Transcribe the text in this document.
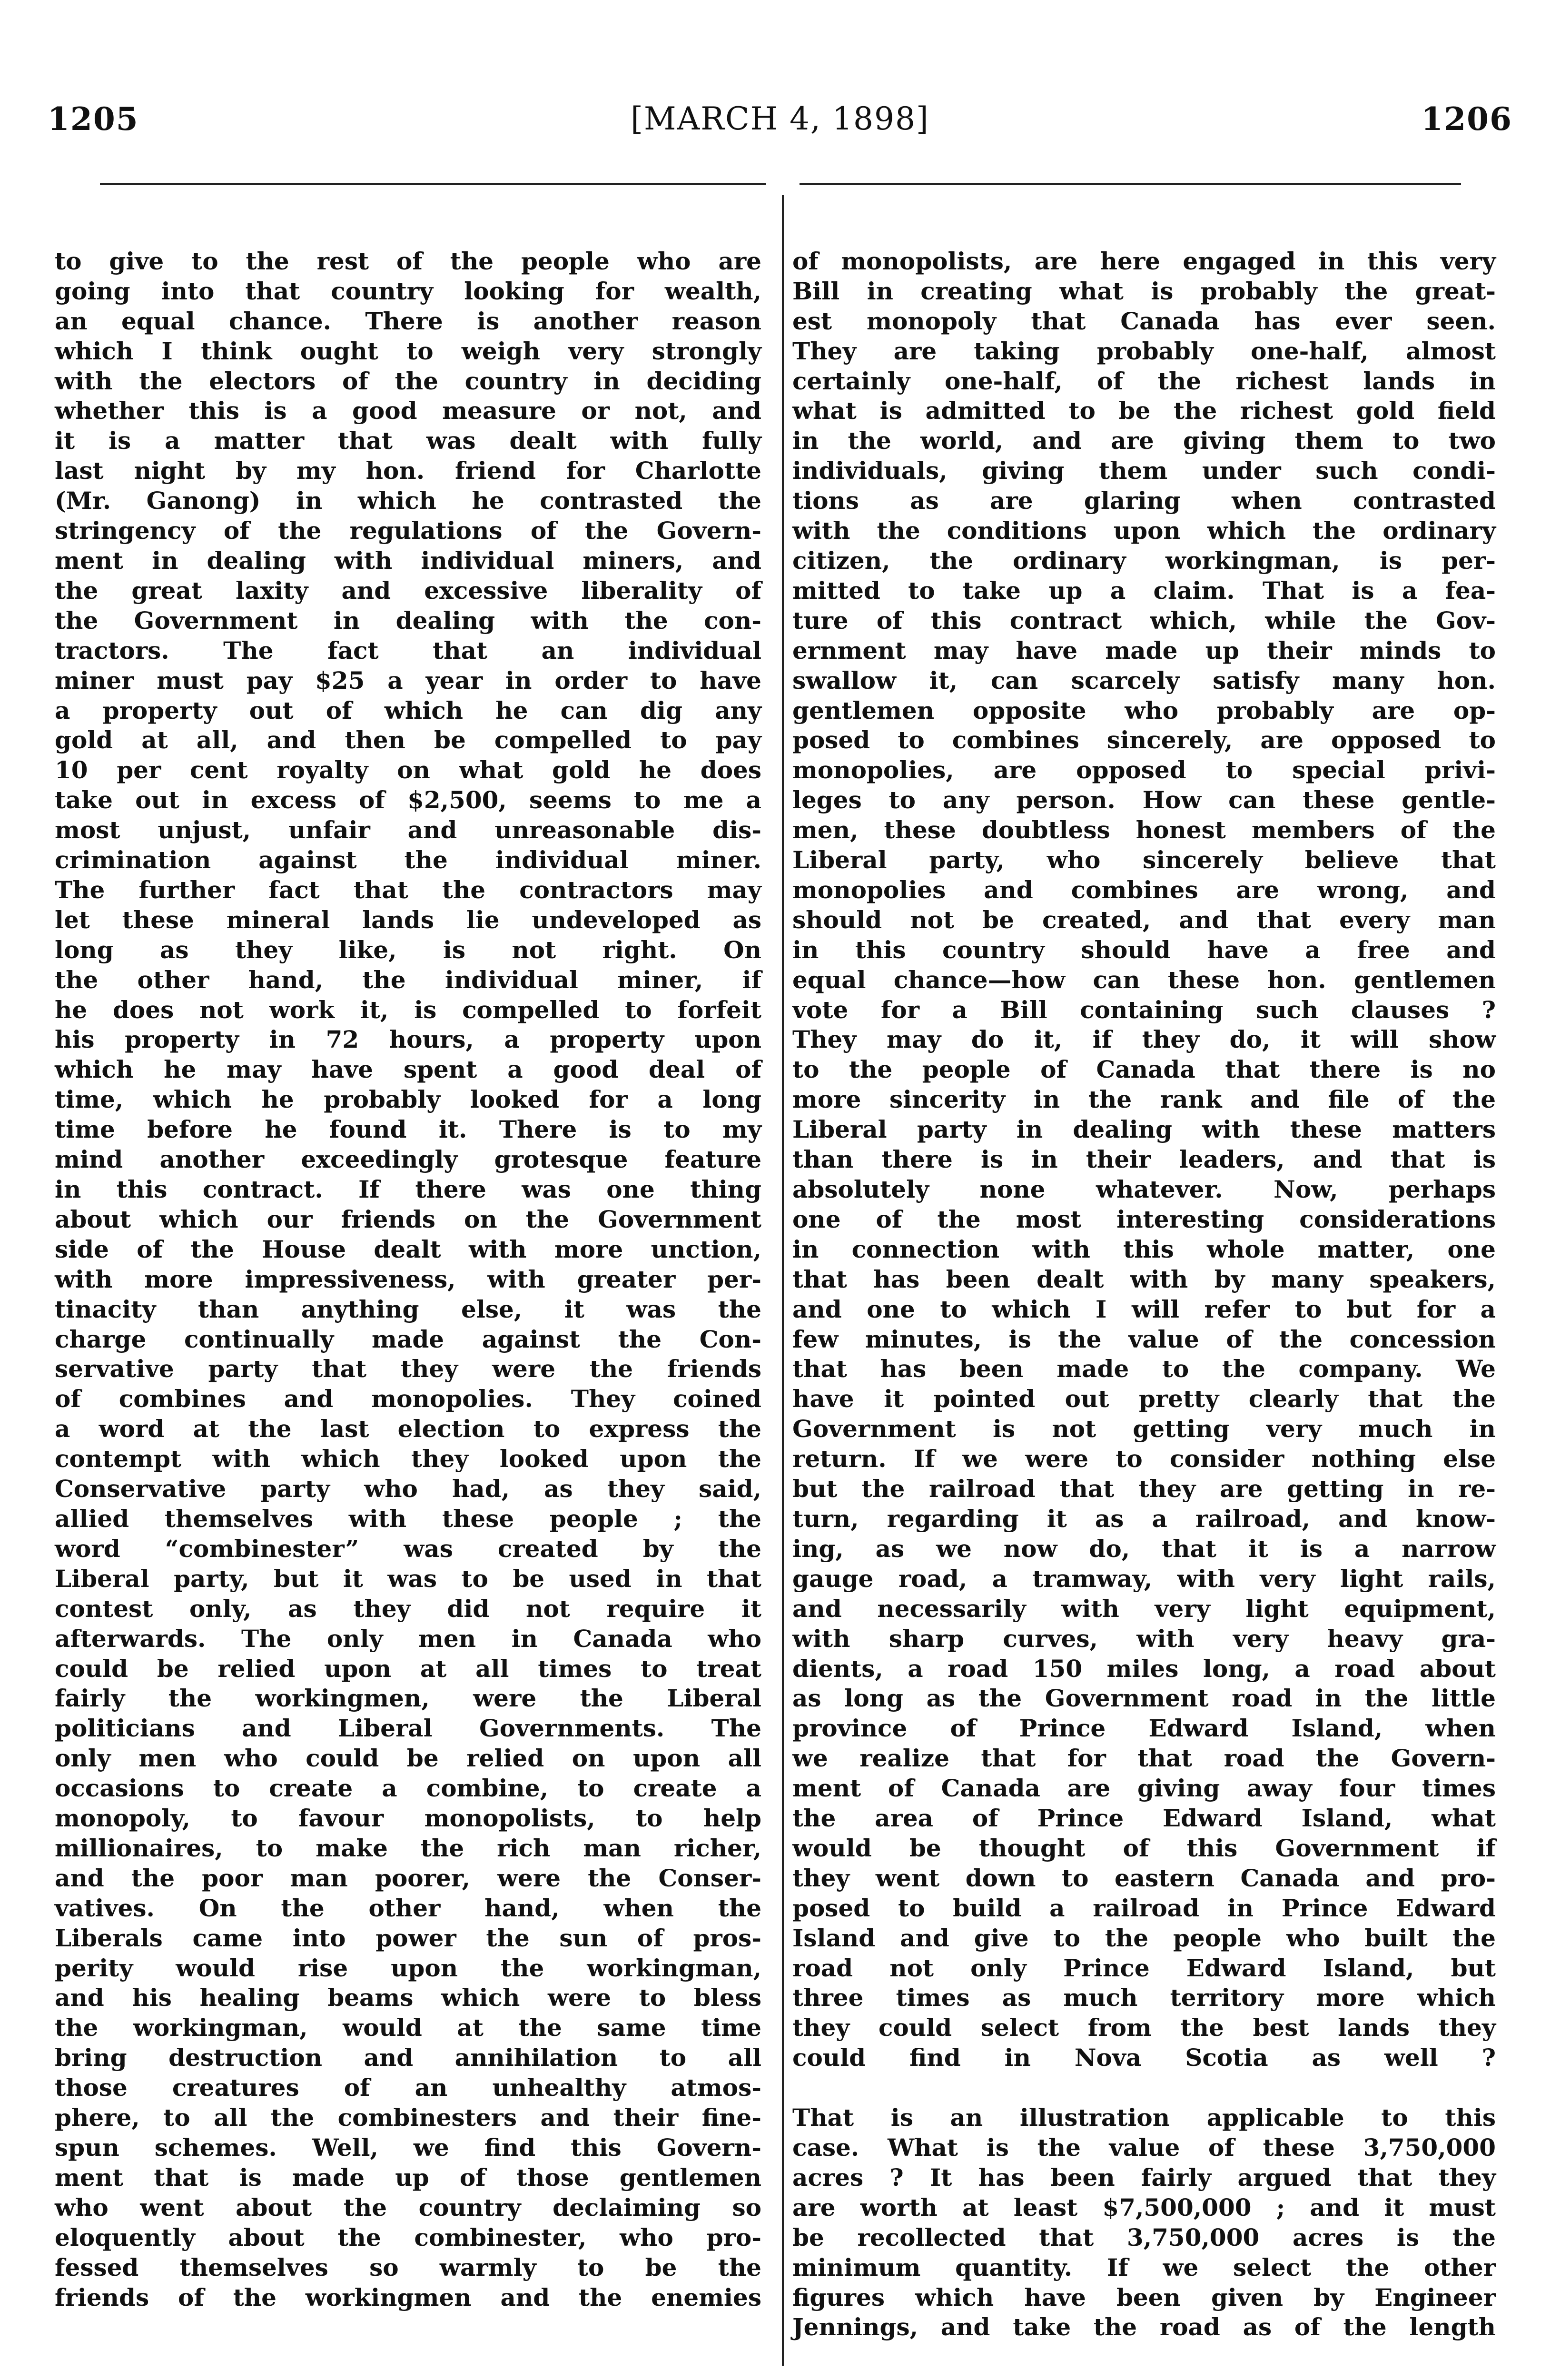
[MARCH 4, 1898]
1205	1206

to give to the rest of the people who are
going into that country looking for wealth,
an equal chance. There is another reason
which I think ought to weigh very strongly
with the electors of the country in deciding
whether this is a good measure or not, and
it is a matter that was dealt with fully
last night by my hon. friend for Charlotte
(Mr. Ganong) in which he contrasted the
stringency of the regulations of the Govern-
ment in dealing with individual miners, and
the great laxity and excessive liberality of
the Government in dealing with the con-
tractors. The fact that an individual
miner must pay $25 a year in order to have
a property out of which he can dig any
gold at all, and then be compelled to pay
10 per cent royalty on what gold he does
take out in excess of $2,500, seems to me a
most unjust, unfair and unreasonable dis-
crimination against the individual miner.
The further fact that the contractors may
let these mineral lands lie undeveloped as
long as they like, is not right. On
the other hand, the individual miner, if
he does not work it, is compelled to forfeit
his property in 72 hours, a property upon
which he may have spent a good deal of
time, which he probably looked for a long
time before he found it. There is to my
mind another exceedingly grotesque feature
in this contract. If there was one thing
about which our friends on the Government
side of the House dealt with more unction,
with more impressiveness, with greater per-
tinacity than anything else, it was the
charge continually made against the Con-
servative party that they were the friends
of combines and monopolies. They coined
a word at the last election to express the
contempt with which they looked upon the
Conservative party who had, as they said,
allied themselves with these people ; the
word “combinester” was created by the
Liberal party, but it was to be used in that
contest only, as they did not require it
afterwards. The only men in Canada who
could be relied upon at all times to treat
fairly the workingmen, were the Liberal
politicians and Liberal Governments. The
only men who could be relied on upon all
occasions to create a combine, to create a
monopoly, to favour monopolists, to help
millionaires, to make the rich man richer,
and the poor man poorer, were the Conser-
vatives. On the other hand, when the
Liberals came into power the sun of pros-
perity would rise upon the workingman,
and his healing beams which were to bless
the workingman, would at the same time
bring destruction and annihilation to all
those creatures of an unhealthy atmos-
phere, to all the combinesters and their fine-
spun schemes. Well, we find this Govern-
ment that is made up of those gentlemen
who went about the country declaiming so
eloquently about the combinester, who pro-
fessed themselves so warmly to be the
friends of the workingmen and the enemies

of monopolists, are here engaged in this very
Bill in creating what is probably the great-
est monopoly that Canada has ever seen.
They are taking probably one-half, almost
certainly one-half, of the richest lands in
what is admitted to be the richest gold field
in the world, and are giving them to two
individuals, giving them under such condi-
tions as are glaring when contrasted
with the conditions upon which the ordinary
citizen, the ordinary workingman, is per-
mitted to take up a claim. That is a fea-
ture of this contract which, while the Gov-
ernment may have made up their minds to
swallow it, can scarcely satisfy many hon.
gentlemen opposite who probably are op-
posed to combines sincerely, are opposed to
monopolies, are opposed to special privi-
leges to any person. How can these gentle-
men, these doubtless honest members of the
Liberal party, who sincerely believe that
monopolies and combines are wrong, and
should not be created, and that every man
in this country should have a free and
equal chance—how can these hon. gentlemen
vote for a Bill containing such clauses ?
They may do it, if they do, it will show
to the people of Canada that there is no
more sincerity in the rank and file of the
Liberal party in dealing with these matters
than there is in their leaders, and that is
absolutely none whatever. Now, perhaps
one of the most interesting considerations
in connection with this whole matter, one
that has been dealt with by many speakers,
and one to which I will refer to but for a
few minutes, is the value of the concession
that has been made to the company. We
have it pointed out pretty clearly that the
Government is not getting very much in
return. If we were to consider nothing else
but the railroad that they are getting in re-
turn, regarding it as a railroad, and know-
ing, as we now do, that it is a narrow
gauge road, a tramway, with very light rails,
and necessarily with very light equipment,
with sharp curves, with very heavy gra-
dients, a road 150 miles long, a road about
as long as the Government road in the little
province of Prince Edward Island, when
we realize that for that road the Govern-
ment of Canada are giving away four times
the area of Prince Edward Island, what
would be thought of this Government if
they went down to eastern Canada and pro-
posed to build a railroad in Prince Edward
Island and give to the people who built the
road not only Prince Edward Island, but
three times as much territory more which
they could select from the best lands they
could find in Nova Scotia as well ?

That is an illustration applicable to this
case. What is the value of these 3,750,000
acres ? It has been fairly argued that they
are worth at least $7,500,000 ; and it must
be recollected that 3,750,000 acres is the
minimum quantity. If we select the other
figures which have been given by Engineer
Jennings, and take the road as of the length
